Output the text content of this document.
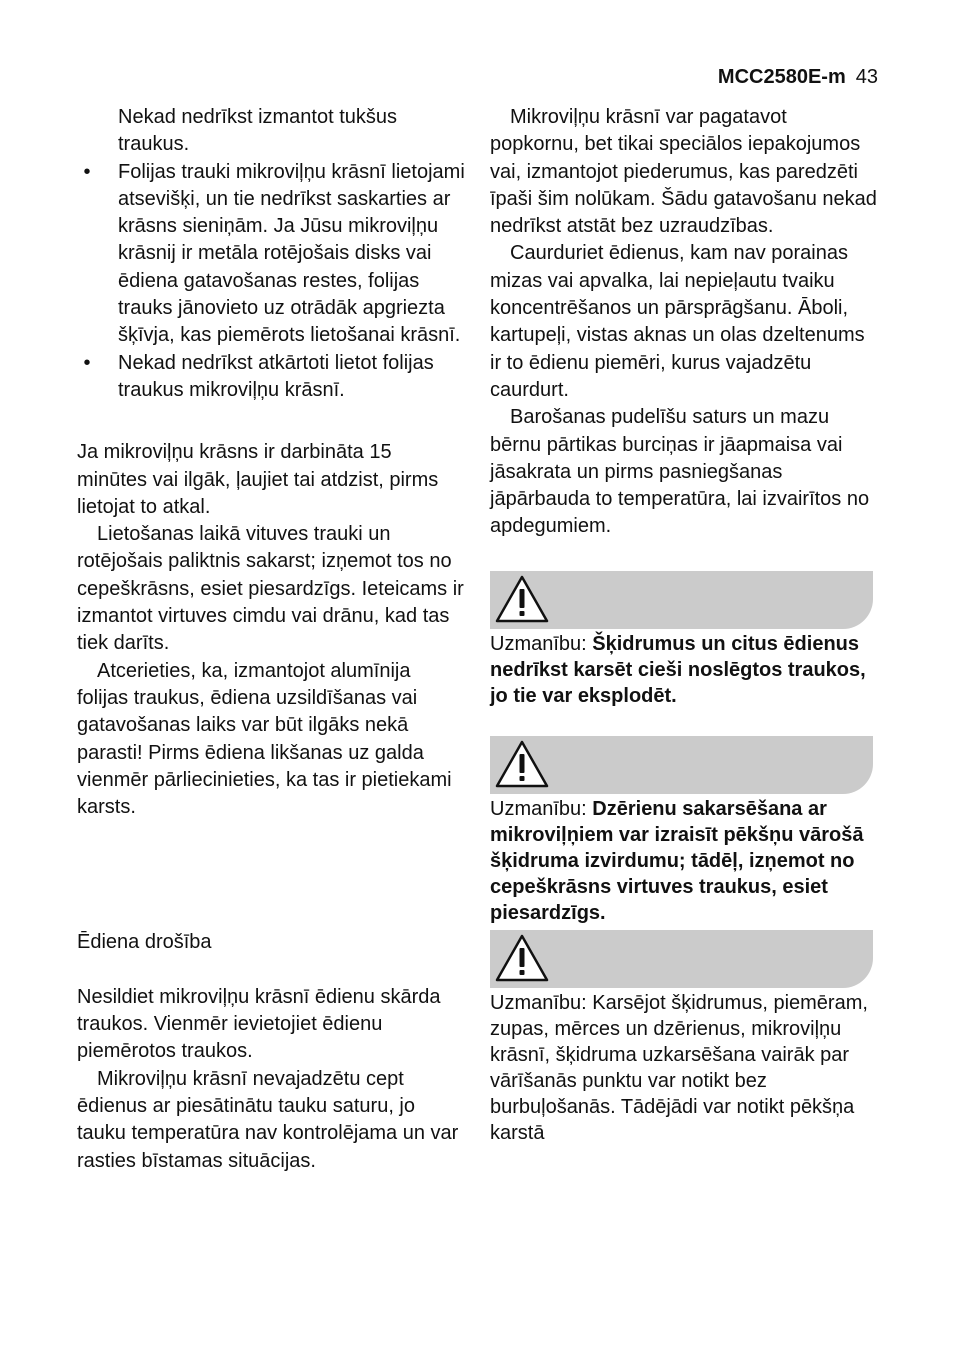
MCC2580E-m 43

Nekad nedrīkst izmantot tukšus traukus.

•	Folijas trauki mikroviļņu krāsnī lietojami atsevišķi, un tie nedrīkst saskarties ar krāsns sieniņām. Ja Jūsu mikroviļņu krāsnij ir metāla rotējošais disks vai ēdiena gatavošanas restes, folijas trauks jānovieto uz otrādāk apgriezta šķīvja, kas piemērots lietošanai krāsnī.

•	Nekad nedrīkst atkārtoti lietot folijas traukus mikroviļņu krāsnī.

Ja mikroviļņu krāsns ir darbināta 15 minūtes vai ilgāk, ļaujiet tai atdzist, pirms lietojat to atkal.

Lietošanas laikā vituves trauki un rotējošais paliktnis sakarst; izņemot tos no cepeškrāsns, esiet piesardzīgs. Ieteicams ir izmantot virtuves cimdu vai drānu, kad tas tiek darīts.

Atcerieties, ka, izmantojot alumīnija folijas traukus, ēdiena uzsildīšanas vai gatavošanas laiks var būt ilgāks nekā parasti! Pirms ēdiena likšanas uz galda vienmēr pārliecinieties, ka tas ir pietiekami karsts.

Ēdiena drošība

Nesildiet mikroviļņu krāsnī ēdienu skārda traukos. Vienmēr ievietojiet ēdienu piemērotos traukos.

Mikroviļņu krāsnī nevajadzētu cept ēdienus ar piesātinātu tauku saturu, jo tauku temperatūra nav kontrolējama un var rasties bīstamas situācijas.

Mikroviļņu krāsnī var pagatavot popkornu, bet tikai speciālos iepakojumos vai, izmantojot piederumus, kas paredzēti īpaši šim nolūkam. Šādu gatavošanu nekad nedrīkst atstāt bez uzraudzības.

Caurduriet ēdienus, kam nav porainas mizas vai apvalka, lai nepieļautu tvaiku koncentrēšanos un pārsprāgšanu. Āboli, kartupeļi, vistas aknas un olas dzeltenums ir to ēdienu piemēri, kurus vajadzētu caurdurt.

Barošanas pudelīšu saturs un mazu bērnu pārtikas burciņas ir jāapmaisa vai jāsakrata un pirms pasniegšanas jāpārbauda to temperatūra, lai izvairītos no apdegumiem.

Uzmanību: Šķidrumus un citus ēdienus nedrīkst karsēt cieši noslēgtos traukos, jo tie var eksplodēt.

Uzmanību: Dzērienu sakarsēšana ar mikroviļņiem var izraisīt pēkšņu vārošā šķidruma izvirdumu; tādēļ, izņemot no cepeškrāsns virtuves traukus, esiet piesardzīgs.

Uzmanību: Karsējot šķidrumus, piemēram, zupas, mērces un dzērienus, mikroviļņu krāsnī, šķidruma uzkarsēšana vairāk par vārīšanās punktu var notikt bez burbuļošanās. Tādējādi var notikt pēkšņa karstā
